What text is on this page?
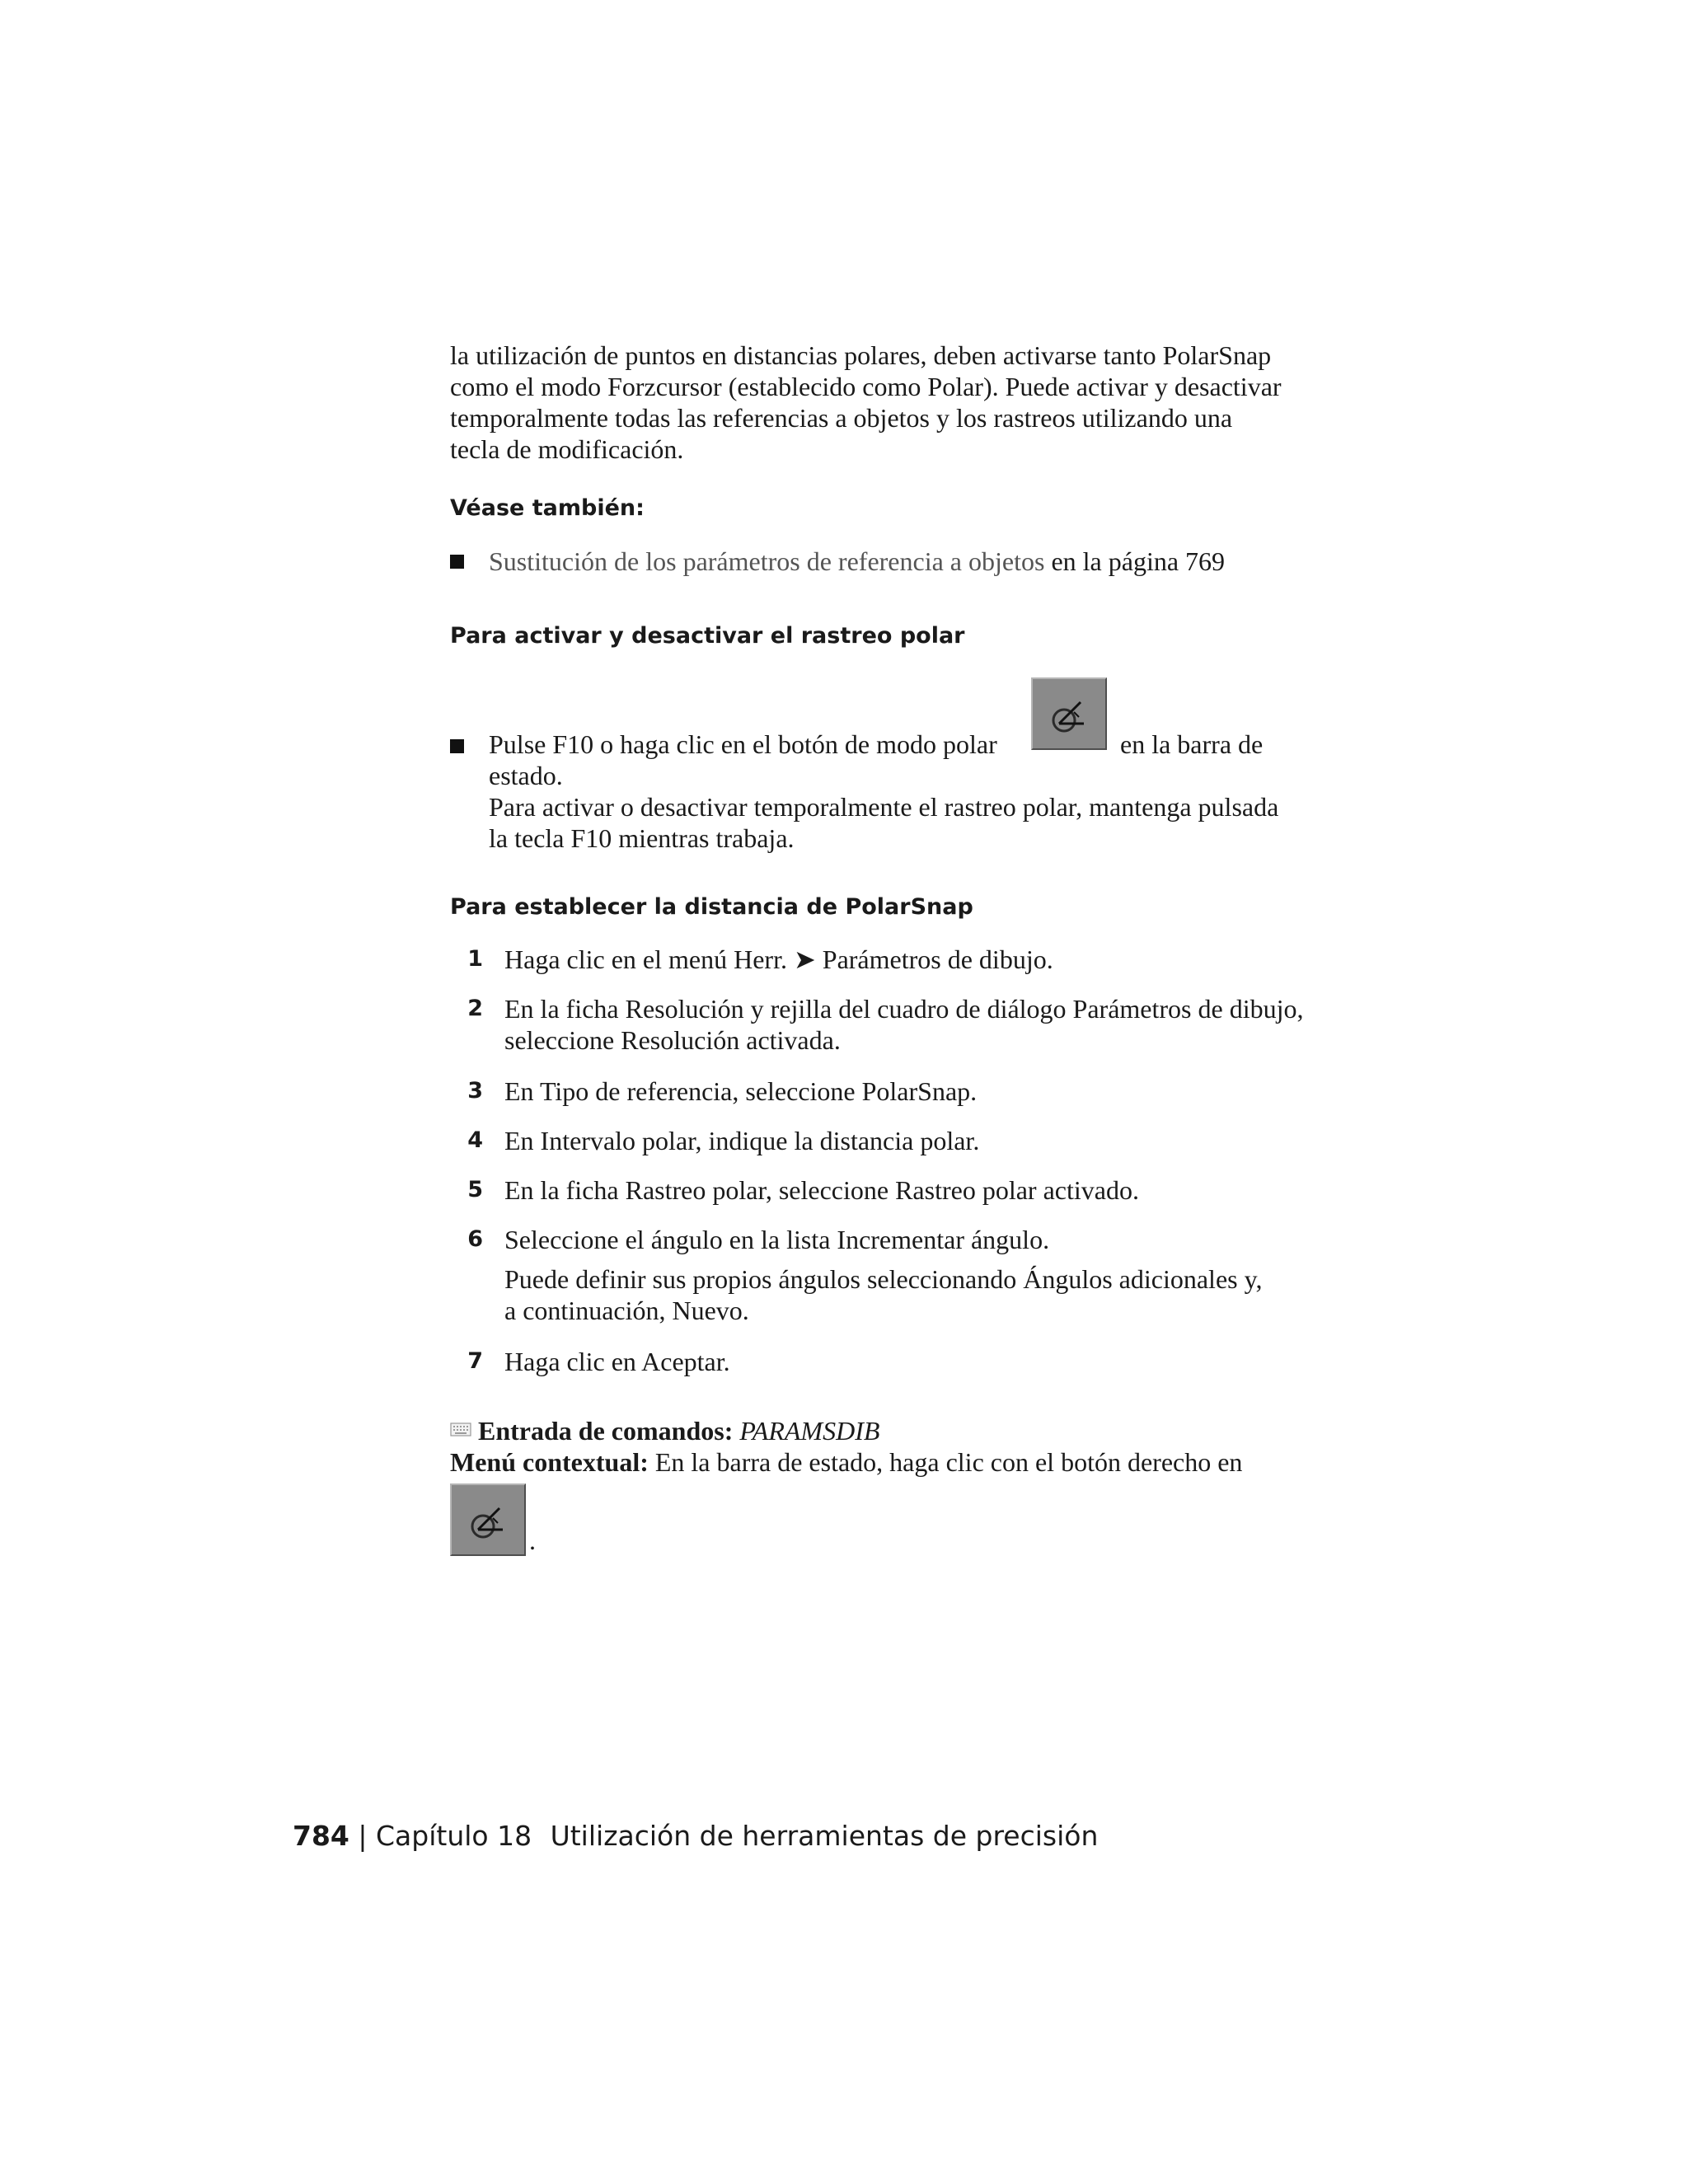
la utilización de puntos en distancias polares, deben activarse tanto PolarSnap

como el modo Forzcursor (establecido como Polar). Puede activar y desactivar

temporalmente todas las referencias a objetos y los rastreos utilizando una

tecla de modificación.

Véase también:

Sustitución de los parámetros de referencia a objetos en la página 769

Para activar y desactivar el rastreo polar

Pulse F10 o haga clic en el botón de modo polar	en la barra de
estado.
Para activar o desactivar temporalmente el rastreo polar, mantenga pulsada
la tecla F10 mientras trabaja.

Para establecer la distancia de PolarSnap

1 Haga clic en el menú Herr. ➤ Parámetros de dibujo.
2 En la ficha Resolución y rejilla del cuadro de diálogo Parámetros de dibujo,
seleccione Resolución activada.
3 En Tipo de referencia, seleccione PolarSnap.
4 En Intervalo polar, indique la distancia polar.
5 En la ficha Rastreo polar, seleccione Rastreo polar activado.
6 Seleccione el ángulo en la lista Incrementar ángulo.
Puede definir sus propios ángulos seleccionando Ángulos adicionales y,
a continuación, Nuevo.
7 Haga clic en Aceptar.
Entrada de comandos: PARAMSDIB
Menú contextual: En la barra de estado, haga clic con el botón derecho en
.
784 | Capítulo 18 Utilización de herramientas de precisión
